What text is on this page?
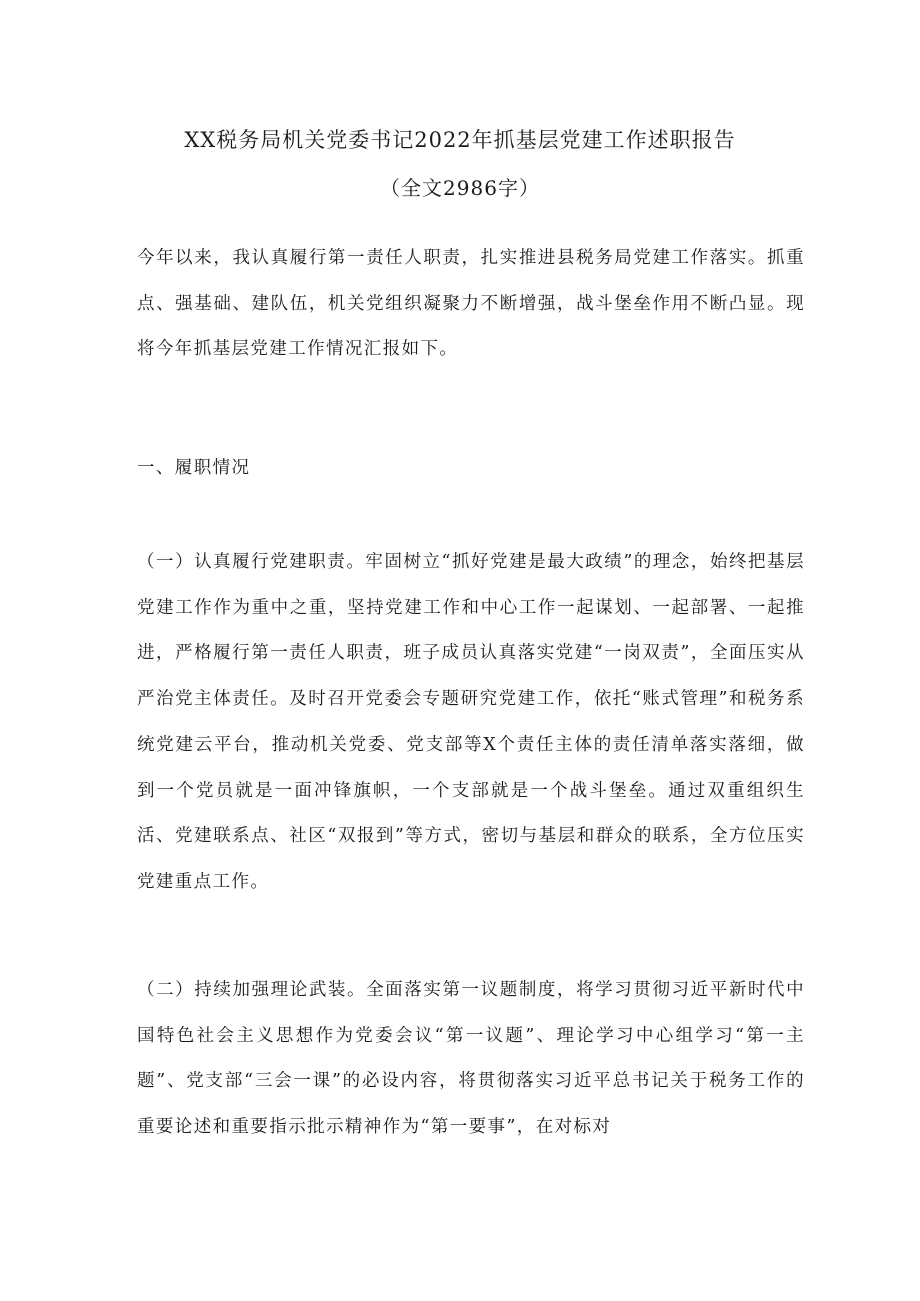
XX税务局机关党委书记2022年抓基层党建工作述职报告
（全文2986字）

今年以来，我认真履行第一责任人职责，扎实推进县税务局党建工作落实。抓重点、强基础、建队伍，机关党组织凝聚力不断增强，战斗堡垒作用不断凸显。现将今年抓基层党建工作情况汇报如下。

一、履职情况

（一）认真履行党建职责。牢固树立“抓好党建是最大政绩”的理念，始终把基层党建工作作为重中之重，坚持党建工作和中心工作一起谋划、一起部署、一起推进，严格履行第一责任人职责，班子成员认真落实党建“一岗双责”，全面压实从严治党主体责任。及时召开党委会专题研究党建工作，依托“账式管理”和税务系统党建云平台，推动机关党委、党支部等X个责任主体的责任清单落实落细，做到一个党员就是一面冲锋旗帜，一个支部就是一个战斗堡垒。通过双重组织生活、党建联系点、社区“双报到”等方式，密切与基层和群众的联系，全方位压实党建重点工作。

（二）持续加强理论武装。全面落实第一议题制度，将学习贯彻习近平新时代中国特色社会主义思想作为党委会议“第一议题”、理论学习中心组学习“第一主题”、党支部“三会一课”的必设内容，将贯彻落实习近平总书记关于税务工作的重要论述和重要指示批示精神作为“第一要事”，在对标对
